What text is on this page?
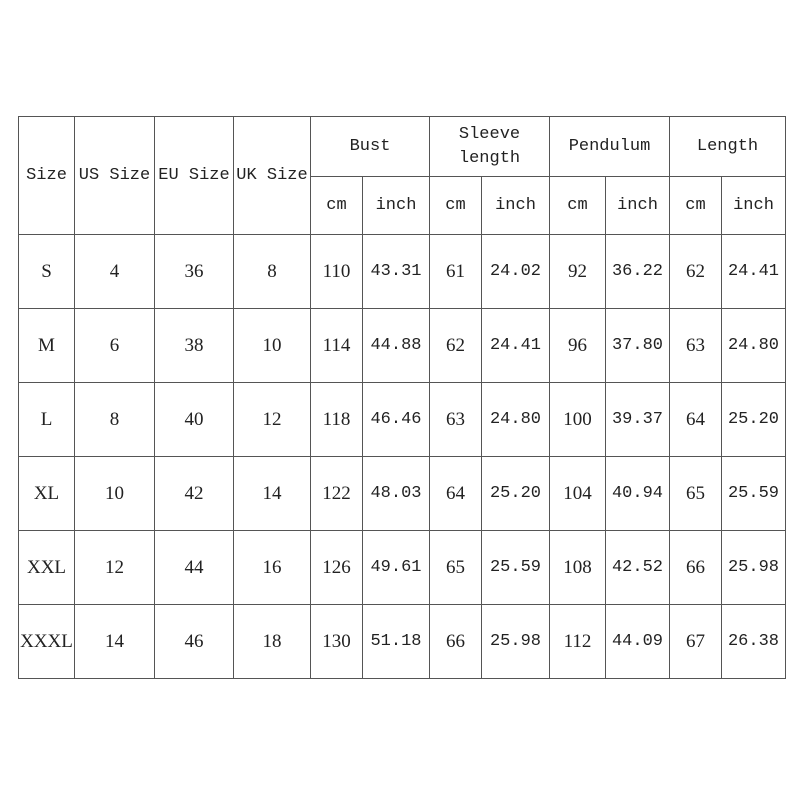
Size	US Size	EU Size	UK Size	Bust		Sleeve length		Pendulum		Length	
				cm	inch	cm	inch	cm	inch	cm	inch
S	4	36	8	110	43.31	61	24.02	92	36.22	62	24.41
M	6	38	10	114	44.88	62	24.41	96	37.80	63	24.80
L	8	40	12	118	46.46	63	24.80	100	39.37	64	25.20
XL	10	42	14	122	48.03	64	25.20	104	40.94	65	25.59
XXL	12	44	16	126	49.61	65	25.59	108	42.52	66	25.98
XXXL	14	46	18	130	51.18	66	25.98	112	44.09	67	26.38
